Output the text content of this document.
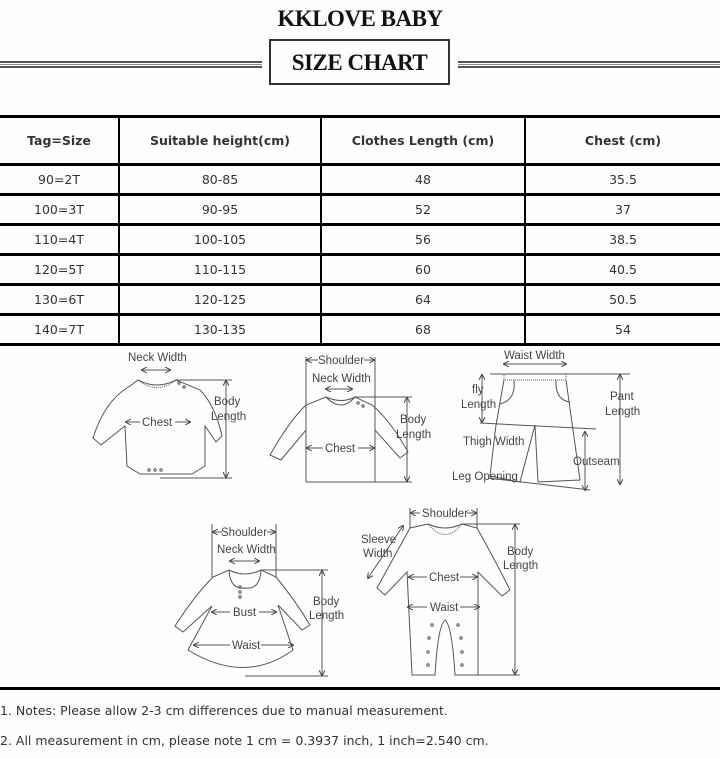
KKLOVE BABY
SIZE CHART
Tag=Size	Suitable height(cm)	Clothes Length (cm)	Chest (cm)
90=2T	80-85	48	35.5
100=3T	90-95	52	37
110=4T	100-105	56	38.5
120=5T	110-115	60	40.5
130=6T	120-125	64	50.5
140=7T	130-135	68	54
Neck Width
Chest
Body
Length
Shoulder
Neck Width
Chest
Body
Length
Waist Width
fly
Length
Pant
Length
Thigh Width
Outseam
Leg Opening
Shoulder
Neck Width
Bust
Waist
Body
Length
Shoulder
Sleeve
Width
Chest
Waist
Body
Length
1. Notes: Please allow 2-3 cm differences due to manual measurement.
2. All measurement in cm, please note 1 cm = 0.3937 inch, 1 inch=2.540 cm.
